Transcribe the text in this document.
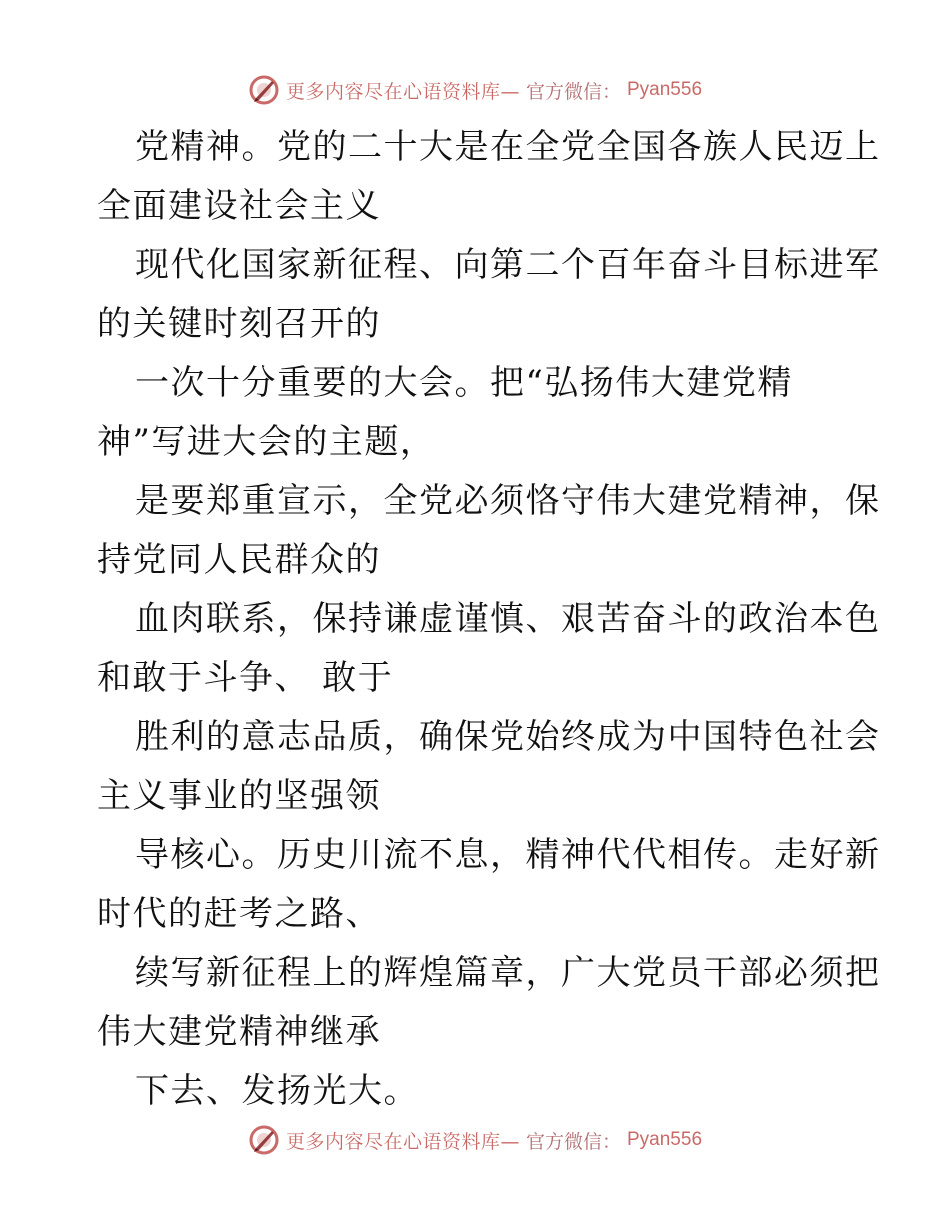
更多内容尽在心语资料库— 官方微信： Pyan556
党精神。党的二十大是在全党全国各族人民迈上
全面建设社会主义
现代化国家新征程、向第二个百年奋斗目标进军
的关键时刻召开的
一次十分重要的大会。把“弘扬伟大建党精
神”写进大会的主题，
是要郑重宣示，全党必须恪守伟大建党精神，保
持党同人民群众的
血肉联系，保持谦虚谨慎、艰苦奋斗的政治本色
和敢于斗争、 敢于
胜利的意志品质，确保党始终成为中国特色社会
主义事业的坚强领
导核心。历史川流不息，精神代代相传。走好新
时代的赶考之路、
续写新征程上的辉煌篇章，广大党员干部必须把
伟大建党精神继承
下去、发扬光大。
更多内容尽在心语资料库— 官方微信： Pyan556
